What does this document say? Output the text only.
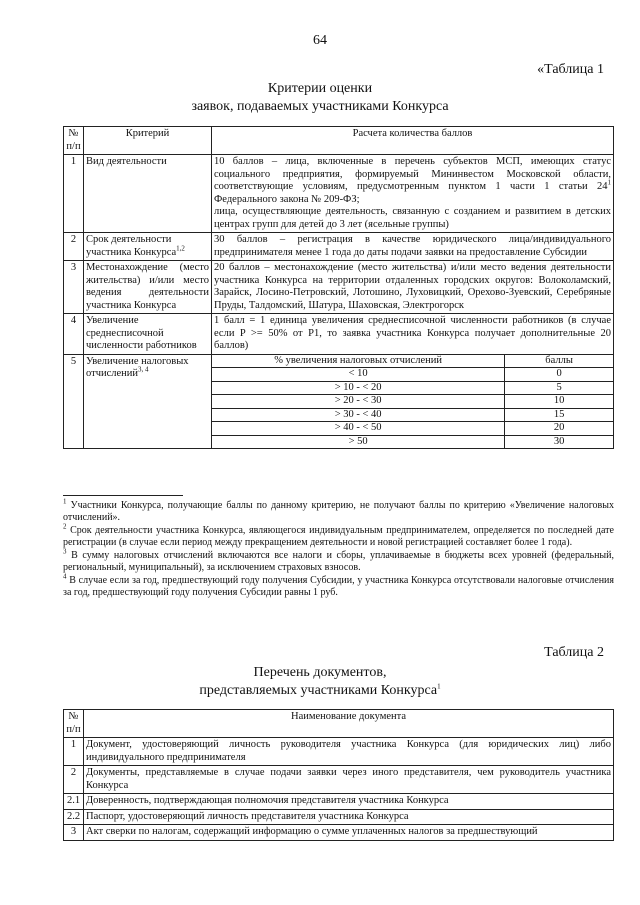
64
«Таблица 1
Критерии оценки
заявок, подаваемых участниками Конкурса
№ п/п	Критерий	Расчета количества баллов
1	Вид деятельности	10 баллов – лица, включенные в перечень субъектов МСП, имеющих статус социального предприятия, формируемый Мининвестом Московской области, соответствующие условиям, предусмотренным пунктом 1 части 1 статьи $24^1$ Федерального закона № 209-ФЗ;
лица, осуществляющие деятельность, связанную с созданием и развитием в детских центрах групп для детей до 3 лет (ясельные группы)
2	Срок деятельности участника Конкурса$^{1,2}$	30 баллов – регистрация в качестве юридического лица/индивидуального предпринимателя менее 1 года до даты подачи заявки на предоставление Субсидии
3	Местонахождение (место жительства) и/или место ведения деятельности участника Конкурса	20 баллов – местонахождение (место жительства) и/или место ведения деятельности участника Конкурса на территории отдаленных городских округов: Волоколамский, Зарайск, Лосино-Петровский, Лотошино, Луховицкий, Орехово-Зуевский, Серебряные Пруды, Талдомский, Шатура, Шаховская, Электрогорск
4	Увеличение среднесписочной численности работников	1 балл = 1 единица увеличения среднесписочной численности работников (в случае если P >= 50% от P1, то заявка участника Конкурса получает дополнительные 20 баллов)
5	Увеличение налоговых отчислений$^{3, 4}$	
% увеличения налоговых отчислений	баллы
< 10	0
> 10 - < 20	5
> 20 - < 30	10
> 30 - < 40	15
> 40 - < 50	20
> 50	30

$^1$ Участники Конкурса, получающие баллы по данному критерию, не получают баллы по критерию «Увеличение налоговых отчислений».

$^2$ Срок деятельности участника Конкурса, являющегося индивидуальным предпринимателем, определяется по последней дате регистрации (в случае если период между прекращением деятельности и новой регистрацией составляет более 1 года).

$^3$ В сумму налоговых отчислений включаются все налоги и сборы, уплачиваемые в бюджеты всех уровней (федеральный, региональный, муниципальный), за исключением страховых взносов.

$^4$ В случае если за год, предшествующий году получения Субсидии, у участника Конкурса отсутствовали налоговые отчисления за год, предшествующий году получения Субсидии равны 1 руб.

Таблица 2
Перечень документов,
представляемых участниками Конкурса$^1$
№ п/п	Наименование документа
1	Документ, удостоверяющий личность руководителя участника Конкурса (для юридических лиц) либо индивидуального предпринимателя
2	Документы, представляемые в случае подачи заявки через иного представителя, чем руководитель участника Конкурса
2.1	Доверенность, подтверждающая полномочия представителя участника Конкурса
2.2	Паспорт, удостоверяющий личность представителя участника Конкурса
3	Акт сверки по налогам, содержащий информацию о сумме уплаченных налогов за предшествующий
